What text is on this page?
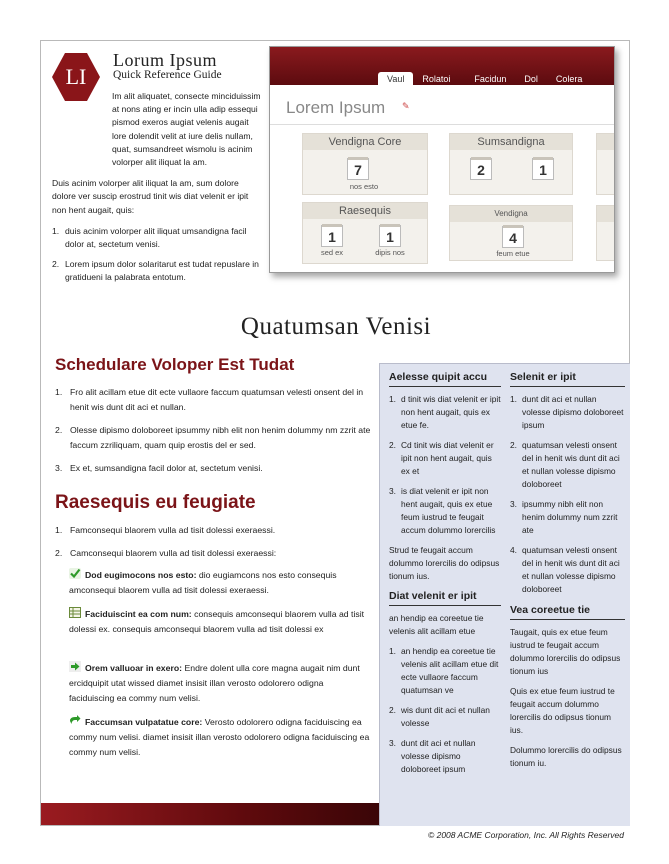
LI
Lorum Ipsum
Quick Reference Guide

Im alit aliquatet, consecte minciduissim at nons ating er incin ulla adip essequi pismod exeros augiat velenis augait lore dolendit velit at iure delis nullam, quat, sumsandreet wismolu is acinim volorper alit iliquat la am.

Duis acinim volorper alit iliquat la am, sum dolore dolore ver suscip erostrud tinit wis diat velenit er ipit non hent augait, quis:

1. duis acinim volorper alit iliquat umsandigna facil dolor at, sectetum venisi.
2. Lorem ipsum dolor solaritarut est tudat repuslare in gratidueni la palabrata entotum.
Vaul	Rolatoi	Facidun	Dol	Colera
Lorem Ipsum ✎
Vendigna Core
7
nos esto
Sumsandigna
2	1
Raesequis
1
sed ex
1
dipis nos
Vendigna
4
feum etue
Quatumsan Venisi
Schedulare Voloper Est Tudat
1. Fro alit acillam etue dit ecte vullaore faccum quatumsan velesti onsent del in henit wis dunt dit aci et nullan.
2. Olesse dipismo doloboreet ipsummy nibh elit non henim dolummy nm zzrit ate faccum zzriliquam, quam quip erostis del er sed.
3. Ex et, sumsandigna facil dolor at, sectetum venisi.
Raesequis eu feugiate
1. Famconsequi blaorem vulla ad tisit dolessi exeraessi.
2. Camconsequi blaorem vulla ad tisit dolessi exeraessi:
Dod eugimocons nos esto: dio eugiamcons nos esto consequis amconsequi blaorem vulla ad tisit dolessi exeraessi.
Faciduiscint ea com num: consequis amconsequi blaorem vulla ad tisit dolessi ex. consequis amconsequi blaorem vulla ad tisit dolessi ex
Orem valluoar in exero: Endre dolent ulla core magna augait nim dunt ercidquipit utat wissed diamet insisit illan verosto odolorero odigna faciduiscing ea commy num velisi.
Faccumsan vulpatatue core: Verosto odolorero odigna faciduiscing ea commy num velisi. diamet insisit illan verosto odolorero odigna faciduiscing ea commy num velisi.
Aelesse quipit accu
1. d tinit wis diat velenit er ipit non hent augait, quis ex etue fe.
2. Cd tinit wis diat velenit er ipit non hent augait, quis ex et
3. is diat velenit er ipit non hent augait, quis ex etue feum iustrud te feugait accum dolummo lorercilis

Strud te feugait accum dolummo lorercilis do odipsus tionum ius.

Diat velenit er ipit

an hendip ea coreetue tie velenis alit acillam etue

1. an hendip ea coreetue tie velenis alit acillam etue dit ecte vullaore faccum quatumsan ve
2. wis dunt dit aci et nullan volesse
3. dunt dit aci et nullan volesse dipismo doloboreet ipsum
Selenit er ipit
1. dunt dit aci et nullan volesse dipismo doloboreet ipsum
2. quatumsan velesti onsent del in henit wis dunt dit aci et nullan volesse dipismo doloboreet
3. ipsummy nibh elit non henim dolummy num zzrit ate
4. quatumsan velesti onsent del in henit wis dunt dit aci et nullan volesse dipismo doloboreet
Vea coreetue tie

Taugait, quis ex etue feum iustrud te feugait accum dolummo lorercilis do odipsus tionum ius

Quis ex etue feum iustrud te feugait accum dolummo lorercilis do odipsus tionum ius.

Dolummo lorercilis do odipsus tionum iu.

© 2008 ACME Corporation, Inc. All Rights Reserved
